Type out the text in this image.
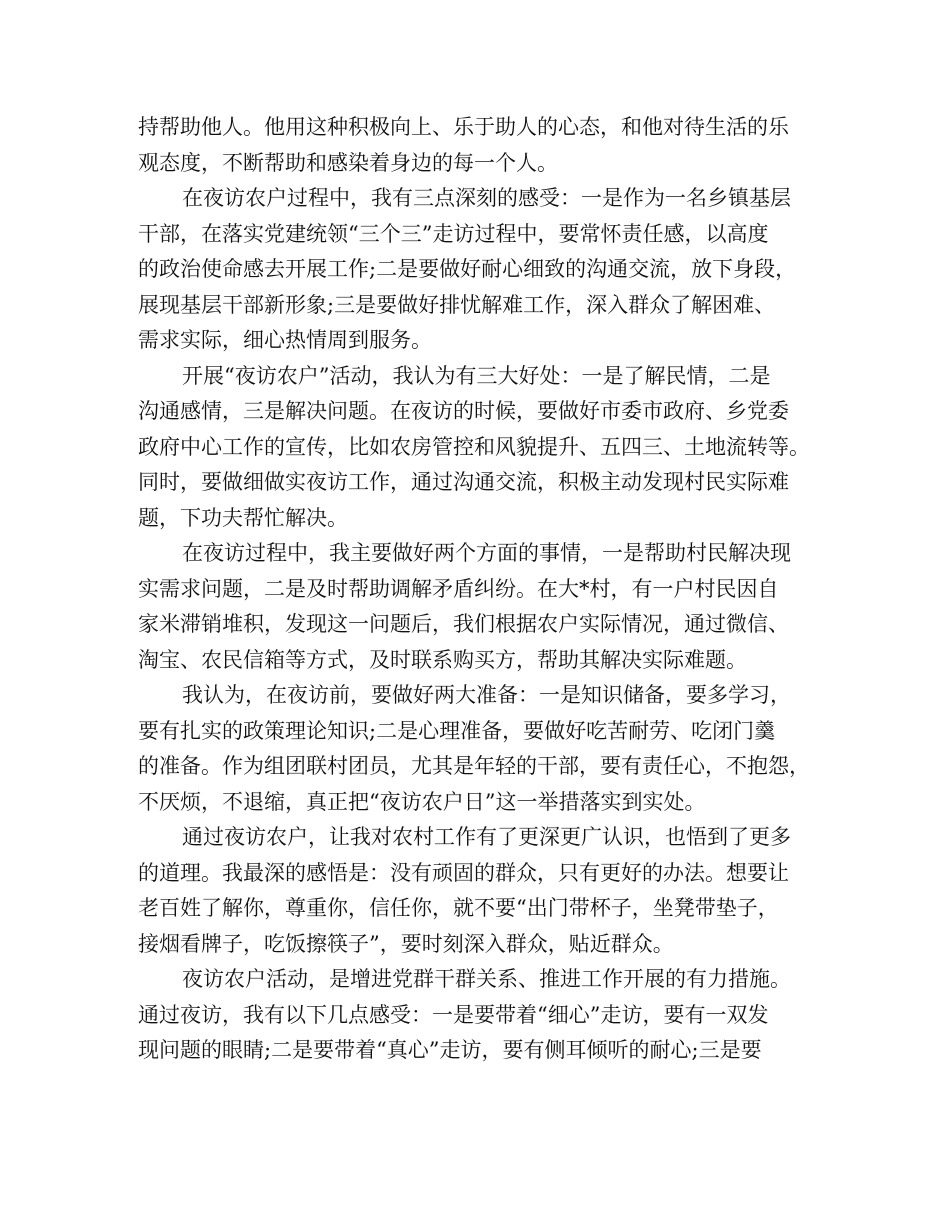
持帮助他人。他用这种积极向上、乐于助人的心态，和他对待生活的乐
观态度，不断帮助和感染着身边的每一个人。
在夜访农户过程中，我有三点深刻的感受：一是作为一名乡镇基层
干部，在落实党建统领“三个三”走访过程中，要常怀责任感，以高度
的政治使命感去开展工作;二是要做好耐心细致的沟通交流，放下身段，
展现基层干部新形象;三是要做好排忧解难工作，深入群众了解困难、
需求实际，细心热情周到服务。
开展“夜访农户”活动，我认为有三大好处：一是了解民情，二是
沟通感情，三是解决问题。在夜访的时候，要做好市委市政府、乡党委
政府中心工作的宣传，比如农房管控和风貌提升、五四三、土地流转等。
同时，要做细做实夜访工作，通过沟通交流，积极主动发现村民实际难
题，下功夫帮忙解决。
在夜访过程中，我主要做好两个方面的事情，一是帮助村民解决现
实需求问题，二是及时帮助调解矛盾纠纷。在大*村，有一户村民因自
家米滞销堆积，发现这一问题后，我们根据农户实际情况，通过微信、
淘宝、农民信箱等方式，及时联系购买方，帮助其解决实际难题。
我认为，在夜访前，要做好两大准备：一是知识储备，要多学习，
要有扎实的政策理论知识;二是心理准备，要做好吃苦耐劳、吃闭门羹
的准备。作为组团联村团员，尤其是年轻的干部，要有责任心，不抱怨，
不厌烦，不退缩，真正把“夜访农户日”这一举措落实到实处。
通过夜访农户，让我对农村工作有了更深更广认识，也悟到了更多
的道理。我最深的感悟是：没有顽固的群众，只有更好的办法。想要让
老百姓了解你，尊重你，信任你，就不要“出门带杯子，坐凳带垫子，
接烟看牌子，吃饭擦筷子”，要时刻深入群众，贴近群众。
夜访农户活动，是增进党群干群关系、推进工作开展的有力措施。
通过夜访，我有以下几点感受：一是要带着“细心”走访，要有一双发
现问题的眼睛;二是要带着“真心”走访，要有侧耳倾听的耐心;三是要
